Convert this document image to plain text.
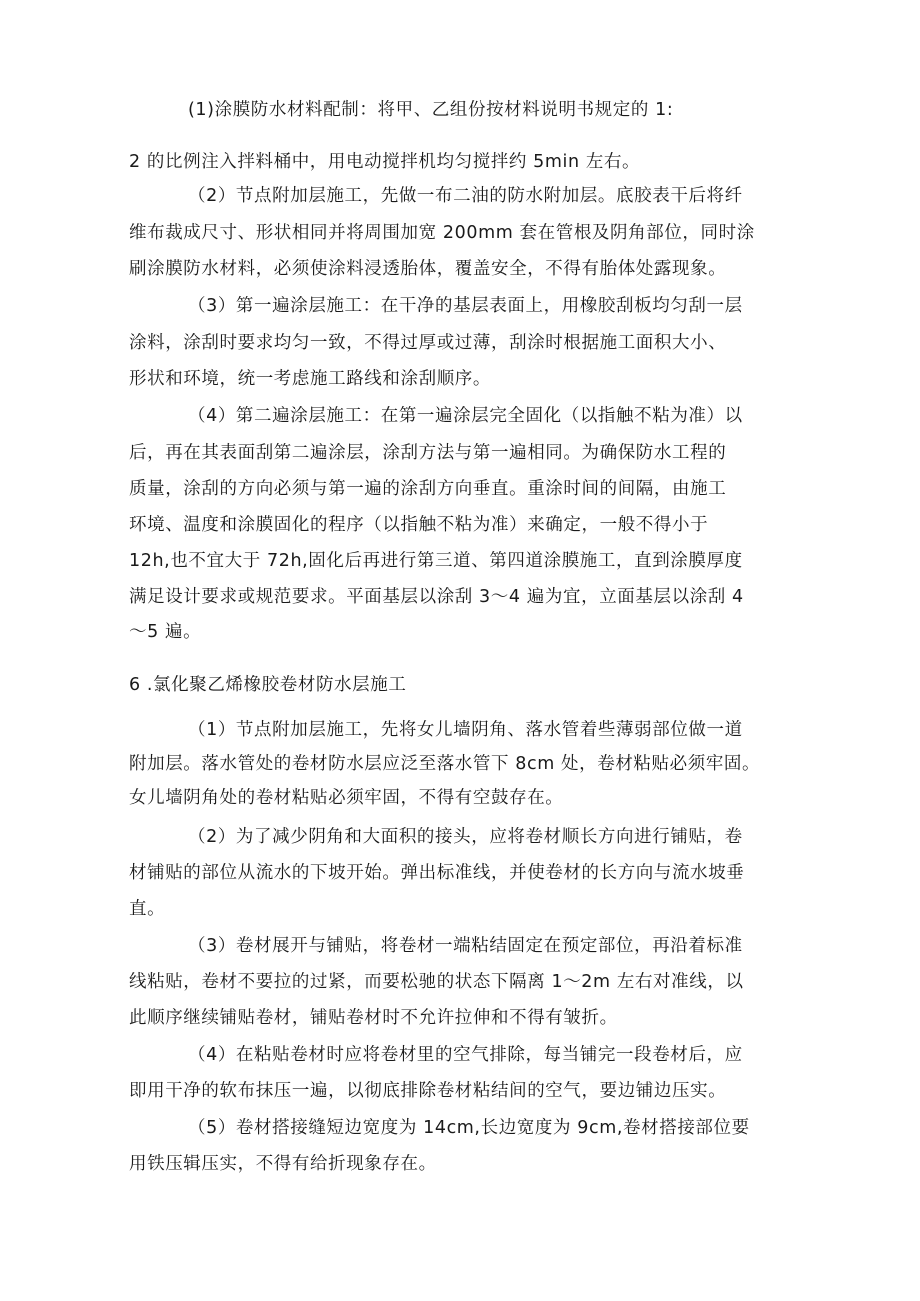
(1)涂膜防水材料配制：将甲、乙组份按材料说明书规定的 1:
2 的比例注入拌料桶中，用电动搅拌机均匀搅拌约 5min 左右。
（2）节点附加层施工，先做一布二油的防水附加层。底胶表干后将纤
维布裁成尺寸、形状相同并将周围加宽 200mm 套在管根及阴角部位，同时涂
刷涂膜防水材料，必须使涂料浸透胎体，覆盖安全，不得有胎体处露现象。
（3）第一遍涂层施工：在干净的基层表面上，用橡胶刮板均匀刮一层
涂料，涂刮时要求均匀一致，不得过厚或过薄，刮涂时根据施工面积大小、
形状和环境，统一考虑施工路线和涂刮顺序。
（4）第二遍涂层施工：在第一遍涂层完全固化（以指触不粘为准）以
后，再在其表面刮第二遍涂层，涂刮方法与第一遍相同。为确保防水工程的
质量，涂刮的方向必须与第一遍的涂刮方向垂直。重涂时间的间隔，由施工
环境、温度和涂膜固化的程序（以指触不粘为准）来确定，一般不得小于
12h,也不宜大于 72h,固化后再进行第三道、第四道涂膜施工，直到涂膜厚度
满足设计要求或规范要求。平面基层以涂刮 3～4 遍为宜，立面基层以涂刮 4
～5 遍。
6 .氯化聚乙烯橡胶卷材防水层施工
（1）节点附加层施工，先将女儿墙阴角、落水管着些薄弱部位做一道
附加层。落水管处的卷材防水层应泛至落水管下 8cm 处，卷材粘贴必须牢固。
女儿墙阴角处的卷材粘贴必须牢固，不得有空鼓存在。
（2）为了减少阴角和大面积的接头，应将卷材顺长方向进行铺贴，卷
材铺贴的部位从流水的下坡开始。弹出标准线，并使卷材的长方向与流水坡垂
直。
（3）卷材展开与铺贴，将卷材一端粘结固定在预定部位，再沿着标准
线粘贴，卷材不要拉的过紧，而要松驰的状态下隔离 1～2m 左右对准线，以
此顺序继续铺贴卷材，铺贴卷材时不允许拉伸和不得有皱折。
（4）在粘贴卷材时应将卷材里的空气排除，每当铺完一段卷材后，应
即用干净的软布抹压一遍，以彻底排除卷材粘结间的空气，要边铺边压实。
（5）卷材搭接缝短边宽度为 14cm,长边宽度为 9cm,卷材搭接部位要
用铁压辑压实，不得有给折现象存在。
